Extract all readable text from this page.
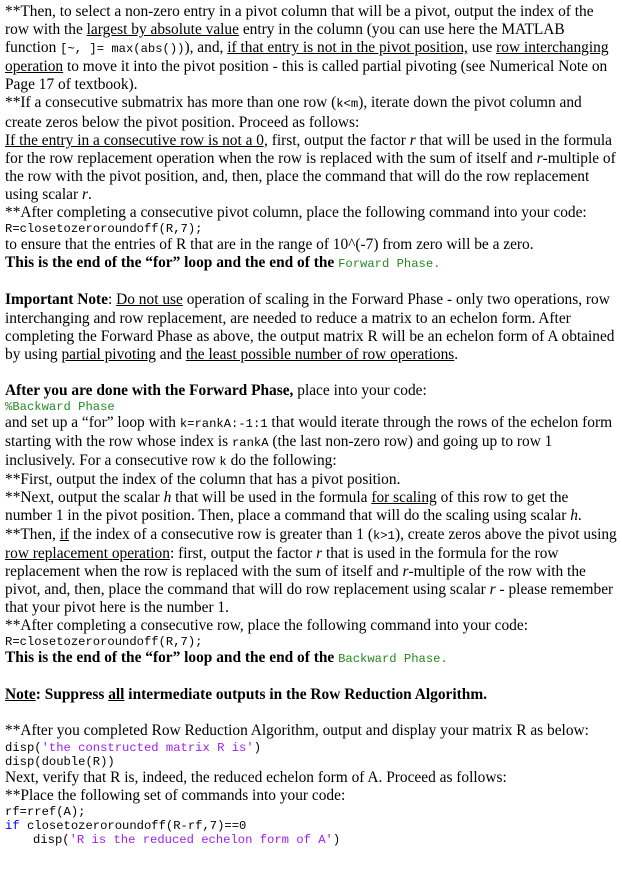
**Then, to select a non-zero entry in a pivot column that will be a pivot, output the index of the row with the largest by absolute value entry in the column (you can use here the MATLAB function [~, ]= max(abs())), and, if that entry is not in the pivot position, use row interchanging operation to move it into the pivot position - this is called partial pivoting (see Numerical Note on Page 17 of textbook).

**If a consecutive submatrix has more than one row (k<m), iterate down the pivot column and create zeros below the pivot position. Proceed as follows:

If the entry in a consecutive row is not a 0, first, output the factor r that will be used in the formula for the row replacement operation when the row is replaced with the sum of itself and r-multiple of the row with the pivot position, and, then, place the command that will do the row replacement using scalar r.

**After completing a consecutive pivot column, place the following command into your code:

R=closetozeroroundoff(R,7);

to ensure that the entries of R that are in the range of 10^(-7) from zero will be a zero.

This is the end of the “for” loop and the end of the Forward Phase.

Important Note: Do not use operation of scaling in the Forward Phase - only two operations, row interchanging and row replacement, are needed to reduce a matrix to an echelon form. After completing the Forward Phase as above, the output matrix R will be an echelon form of A obtained by using partial pivoting and the least possible number of row operations.

After you are done with the Forward Phase, place into your code:

%Backward Phase

and set up a “for” loop with k=rankA:-1:1 that would iterate through the rows of the echelon form starting with the row whose index is rankA (the last non-zero row) and going up to row 1 inclusively. For a consecutive row k do the following:

**First, output the index of the column that has a pivot position.

**Next, output the scalar h that will be used in the formula for scaling of this row to get the number 1 in the pivot position. Then, place a command that will do the scaling using scalar h.

**Then, if the index of a consecutive row is greater than 1 (k>1), create zeros above the pivot using row replacement operation: first, output the factor r that is used in the formula for the row replacement when the row is replaced with the sum of itself and r-multiple of the row with the pivot, and, then, place the command that will do row replacement using scalar r - please remember that your pivot here is the number 1.

**After completing a consecutive row, place the following command into your code:

R=closetozeroroundoff(R,7);

This is the end of the “for” loop and the end of the Backward Phase.

Note: Suppress all intermediate outputs in the Row Reduction Algorithm.

**After you completed Row Reduction Algorithm, output and display your matrix R as below:

disp('the constructed matrix R is')
disp(double(R))

Next, verify that R is, indeed, the reduced echelon form of A. Proceed as follows:

**Place the following set of commands into your code:

rf=rref(A);
if closetozeroroundoff(R-rf,7)==0
disp('R is the reduced echelon form of A')
